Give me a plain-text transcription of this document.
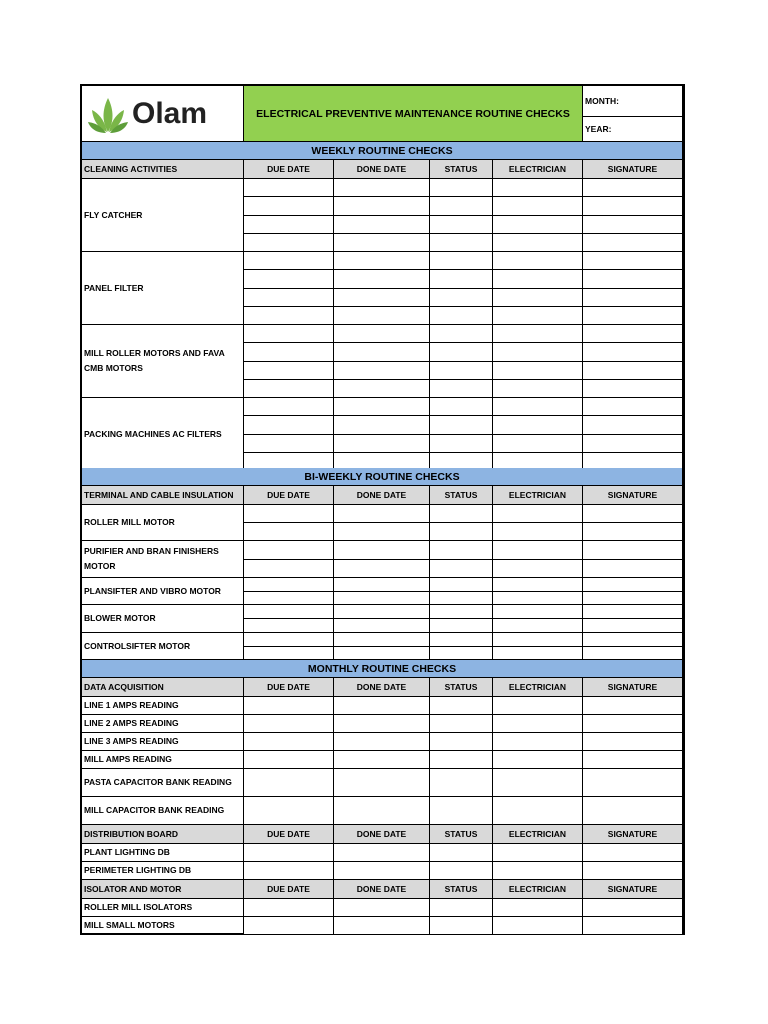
Olam	ELECTRICAL PREVENTIVE MAINTENANCE ROUTINE CHECKS
MONTH:
YEAR:
WEEKLY ROUTINE CHECKS
CLEANING ACTIVITIES	DUE DATE	DONE DATE	STATUS	ELECTRICIAN	SIGNATURE
FLY CATCHER
PANEL FILTER
MILL ROLLER MOTORS AND FAVA CMB MOTORS
PACKING MACHINES AC FILTERS
BI-WEEKLY ROUTINE CHECKS
TERMINAL AND CABLE INSULATION	DUE DATE	DONE DATE	STATUS	ELECTRICIAN	SIGNATURE
ROLLER MILL MOTOR
PURIFIER AND BRAN FINISHERS MOTOR
PLANSIFTER AND VIBRO MOTOR
BLOWER MOTOR
CONTROLSIFTER MOTOR
MONTHLY ROUTINE CHECKS
DATA ACQUISITION	DUE DATE	DONE DATE	STATUS	ELECTRICIAN	SIGNATURE
LINE 1 AMPS READING
LINE 2 AMPS READING
LINE 3 AMPS READING
MILL AMPS READING
PASTA CAPACITOR BANK READING
MILL CAPACITOR BANK READING
DISTRIBUTION BOARD	DUE DATE	DONE DATE	STATUS	ELECTRICIAN	SIGNATURE
PLANT LIGHTING DB
PERIMETER LIGHTING DB
ISOLATOR AND MOTOR	DUE DATE	DONE DATE	STATUS	ELECTRICIAN	SIGNATURE
ROLLER MILL ISOLATORS
MILL SMALL MOTORS
